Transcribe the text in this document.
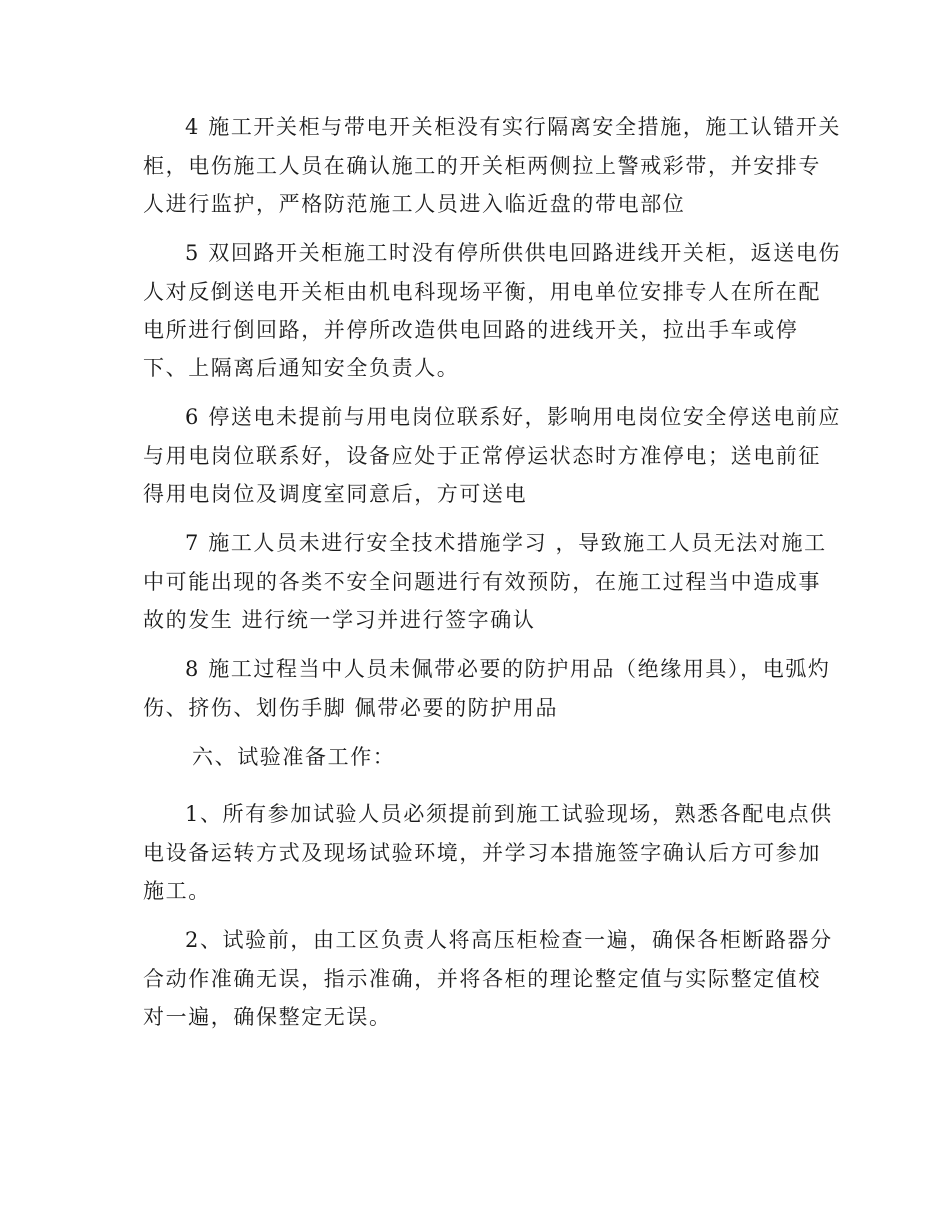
4 施工开关柜与带电开关柜没有实行隔离安全措施，施工认错开关
柜，电伤施工人员在确认施工的开关柜两侧拉上警戒彩带，并安排专
人进行监护，严格防范施工人员进入临近盘的带电部位
5 双回路开关柜施工时没有停所供供电回路进线开关柜，返送电伤
人对反倒送电开关柜由机电科现场平衡，用电单位安排专人在所在配
电所进行倒回路，并停所改造供电回路的进线开关，拉出手车或停
下、上隔离后通知安全负责人。
6 停送电未提前与用电岗位联系好，影响用电岗位安全停送电前应
与用电岗位联系好，设备应处于正常停运状态时方准停电；送电前征
得用电岗位及调度室同意后，方可送电
7 施工人员未进行安全技术措施学习 ，导致施工人员无法对施工
中可能出现的各类不安全问题进行有效预防，在施工过程当中造成事
故的发生 进行统一学习并进行签字确认
8 施工过程当中人员未佩带必要的防护用品（绝缘用具），电弧灼
伤、挤伤、划伤手脚 佩带必要的防护用品
六、试验准备工作：
1、所有参加试验人员必须提前到施工试验现场，熟悉各配电点供
电设备运转方式及现场试验环境，并学习本措施签字确认后方可参加
施工。
2、试验前，由工区负责人将高压柜检查一遍，确保各柜断路器分
合动作准确无误，指示准确，并将各柜的理论整定值与实际整定值校
对一遍，确保整定无误。
